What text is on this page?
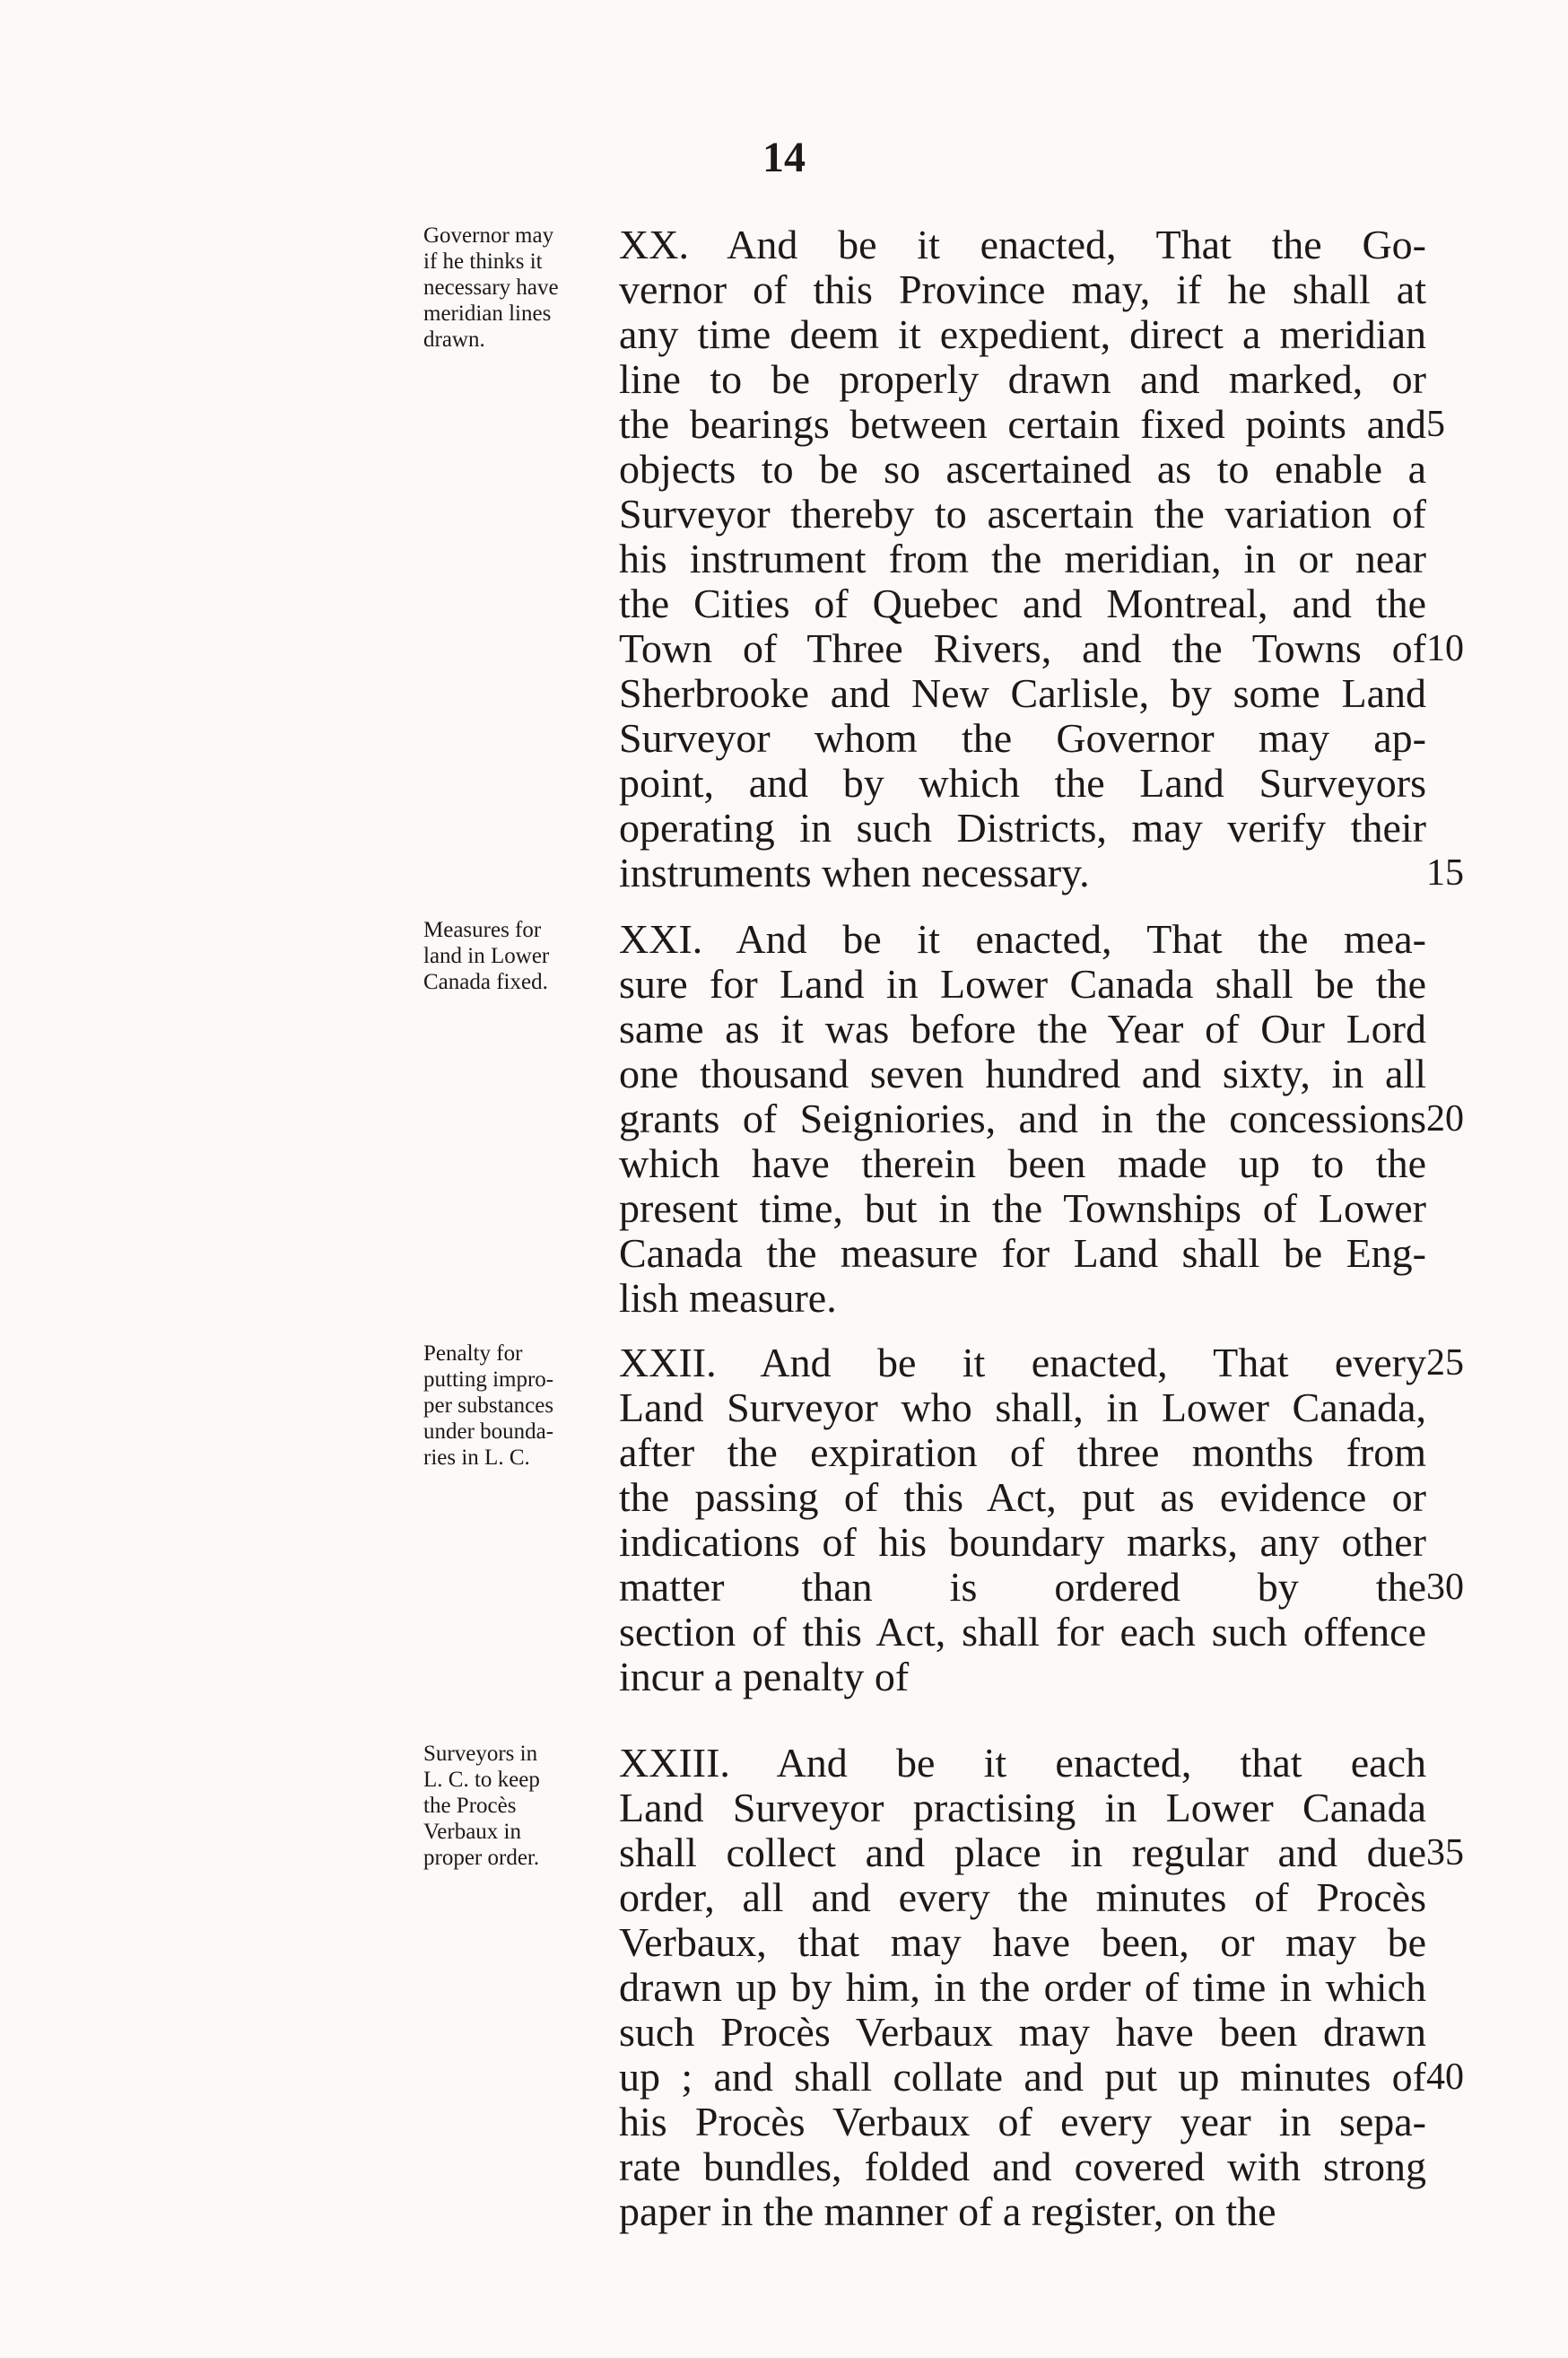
14
Governor may
if he thinks it
necessary have
meridian lines
drawn.
XX. And be it enacted, That the Go-
vernor of this Province may, if he shall at
any time deem it expedient, direct a meridian
line to be properly drawn and marked, or
the bearings between certain fixed points and
objects to be so ascertained as to enable a
Surveyor thereby to ascertain the variation of
his instrument from the meridian, in or near
the Cities of Quebec and Montreal, and the
Town of Three Rivers, and the Towns of
Sherbrooke and New Carlisle, by some Land
Surveyor whom the Governor may ap-
point, and by which the Land Surveyors
operating in such Districts, may verify their
instruments when necessary.
5
10
15
Measures for
land in Lower
Canada fixed.
XXI. And be it enacted, That the mea-
sure for Land in Lower Canada shall be the
same as it was before the Year of Our Lord
one thousand seven hundred and sixty, in all
grants of Seigniories, and in the concessions
which have therein been made up to the
present time, but in the Townships of Lower
Canada the measure for Land shall be Eng-
lish measure.
20
Penalty for
putting impro-
per substances
under bounda-
ries in L. C.
XXII. And be it enacted, That every
Land Surveyor who shall, in Lower Canada,
after the expiration of three months from
the passing of this Act, put as evidence or
indications of his boundary marks, any other
matter than is ordered by the
section of this Act, shall for each such offence
incur a penalty of
25
30
Surveyors in
L. C. to keep
the Procès
Verbaux in
proper order.
XXIII. And be it enacted, that each
Land Surveyor practising in Lower Canada
shall collect and place in regular and due
order, all and every the minutes of Procès
Verbaux, that may have been, or may be
drawn up by him, in the order of time in which
such Procès Verbaux may have been drawn
up ; and shall collate and put up minutes of
his Procès Verbaux of every year in sepa-
rate bundles, folded and covered with strong
paper in the manner of a register, on the
35
40
